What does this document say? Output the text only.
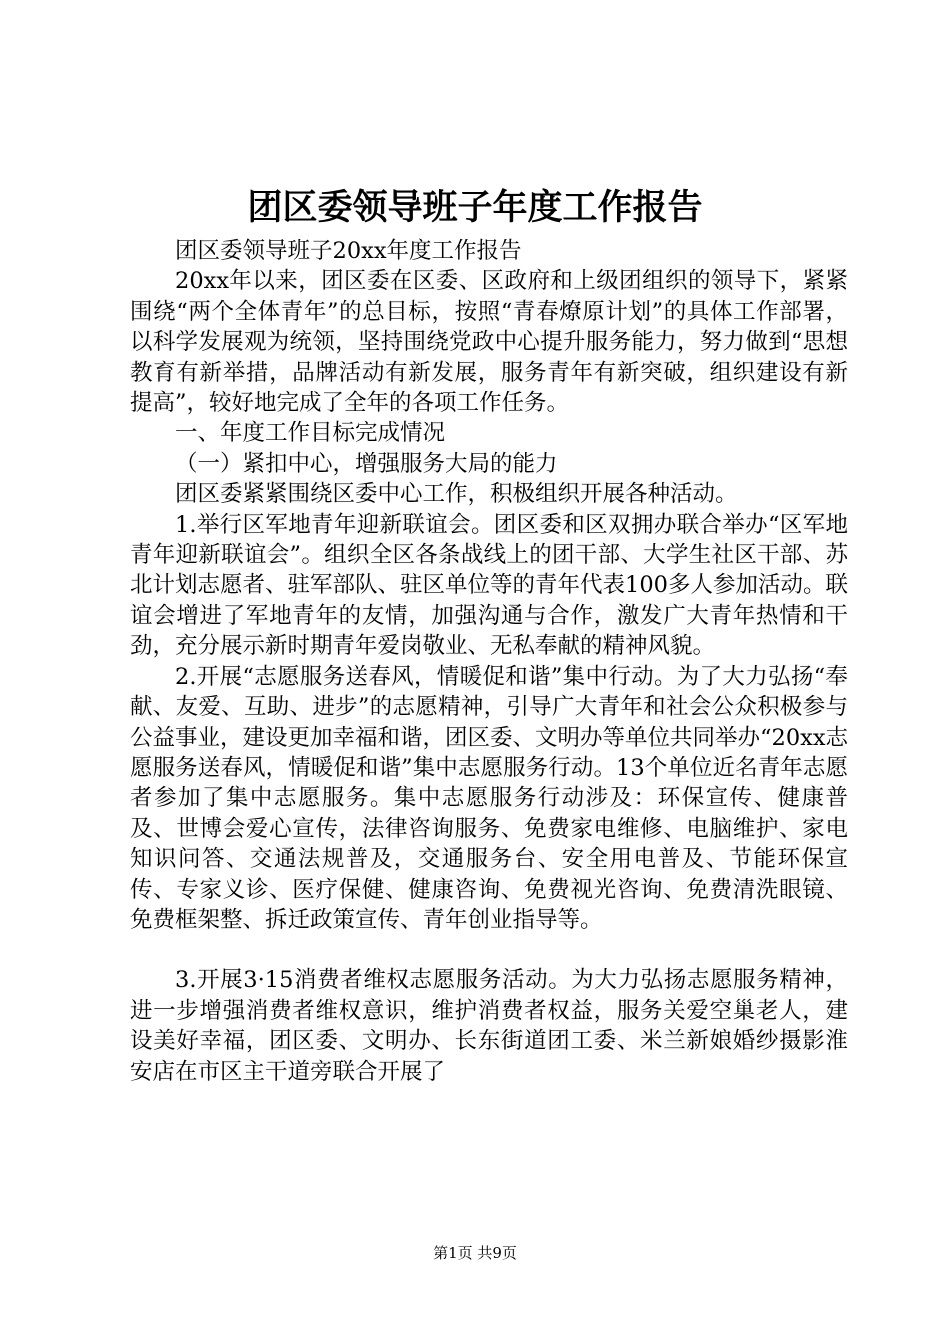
团区委领导班子年度工作报告

团区委领导班子20xx年度工作报告

20xx年以来，团区委在区委、区政府和上级团组织的领导下，紧紧围绕“两个全体青年”的总目标，按照“青春燎原计划”的具体工作部署，以科学发展观为统领，坚持围绕党政中心提升服务能力，努力做到“思想教育有新举措，品牌活动有新发展，服务青年有新突破，组织建设有新提高”，较好地完成了全年的各项工作任务。

一、年度工作目标完成情况

（一）紧扣中心，增强服务大局的能力

团区委紧紧围绕区委中心工作，积极组织开展各种活动。

1.举行区军地青年迎新联谊会。团区委和区双拥办联合举办“区军地青年迎新联谊会”。组织全区各条战线上的团干部、大学生社区干部、苏北计划志愿者、驻军部队、驻区单位等的青年代表100多人参加活动。联谊会增进了军地青年的友情，加强沟通与合作，激发广大青年热情和干劲，充分展示新时期青年爱岗敬业、无私奉献的精神风貌。

2.开展“志愿服务送春风，情暖促和谐”集中行动。为了大力弘扬“奉献、友爱、互助、进步”的志愿精神，引导广大青年和社会公众积极参与公益事业，建设更加幸福和谐，团区委、文明办等单位共同举办“20xx志愿服务送春风，情暖促和谐”集中志愿服务行动。13个单位近名青年志愿者参加了集中志愿服务。集中志愿服务行动涉及：环保宣传、健康普及、世博会爱心宣传，法律咨询服务、免费家电维修、电脑维护、家电知识问答、交通法规普及，交通服务台、安全用电普及、节能环保宣传、专家义诊、医疗保健、健康咨询、免费视光咨询、免费清洗眼镜、免费框架整、拆迁政策宣传、青年创业指导等。

3.开展3·15消费者维权志愿服务活动。为大力弘扬志愿服务精神，进一步增强消费者维权意识，维护消费者权益，服务关爱空巢老人，建设美好幸福，团区委、文明办、长东街道团工委、米兰新娘婚纱摄影淮安店在市区主干道旁联合开展了

第1页 共9页
